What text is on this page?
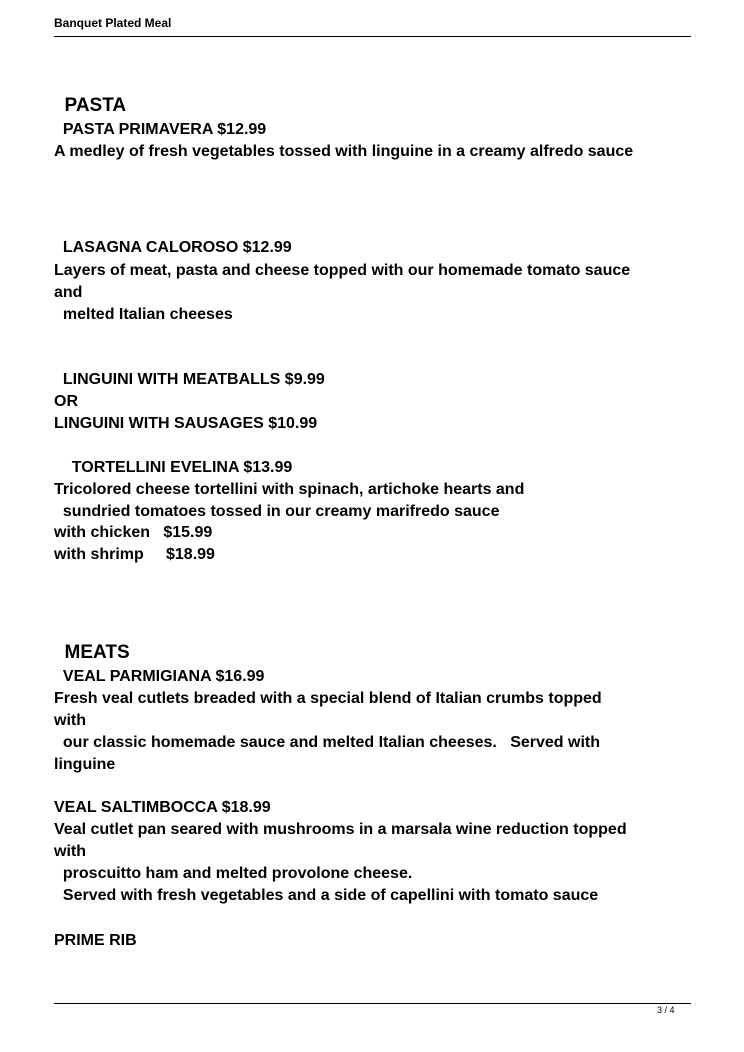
Banquet Plated Meal
PASTA
PASTA PRIMAVERA $12.99
A medley of fresh vegetables tossed with linguine in a creamy alfredo sauce
LASAGNA CALOROSO $12.99
Layers of meat, pasta and cheese topped with our homemade tomato sauce
and
melted Italian cheeses
LINGUINI WITH MEATBALLS $9.99
OR
LINGUINI WITH SAUSAGES $10.99
TORTELLINI EVELINA $13.99
Tricolored cheese tortellini with spinach, artichoke hearts and
sundried tomatoes tossed in our creamy marifredo sauce
with chicken   $15.99
with shrimp     $18.99
MEATS
VEAL PARMIGIANA $16.99
Fresh veal cutlets breaded with a special blend of Italian crumbs topped
with
our classic homemade sauce and melted Italian cheeses.   Served with
linguine
VEAL SALTIMBOCCA $18.99
Veal cutlet pan seared with mushrooms in a marsala wine reduction topped
with
proscuitto ham and melted provolone cheese.
Served with fresh vegetables and a side of capellini with tomato sauce
PRIME RIB
3 / 4
